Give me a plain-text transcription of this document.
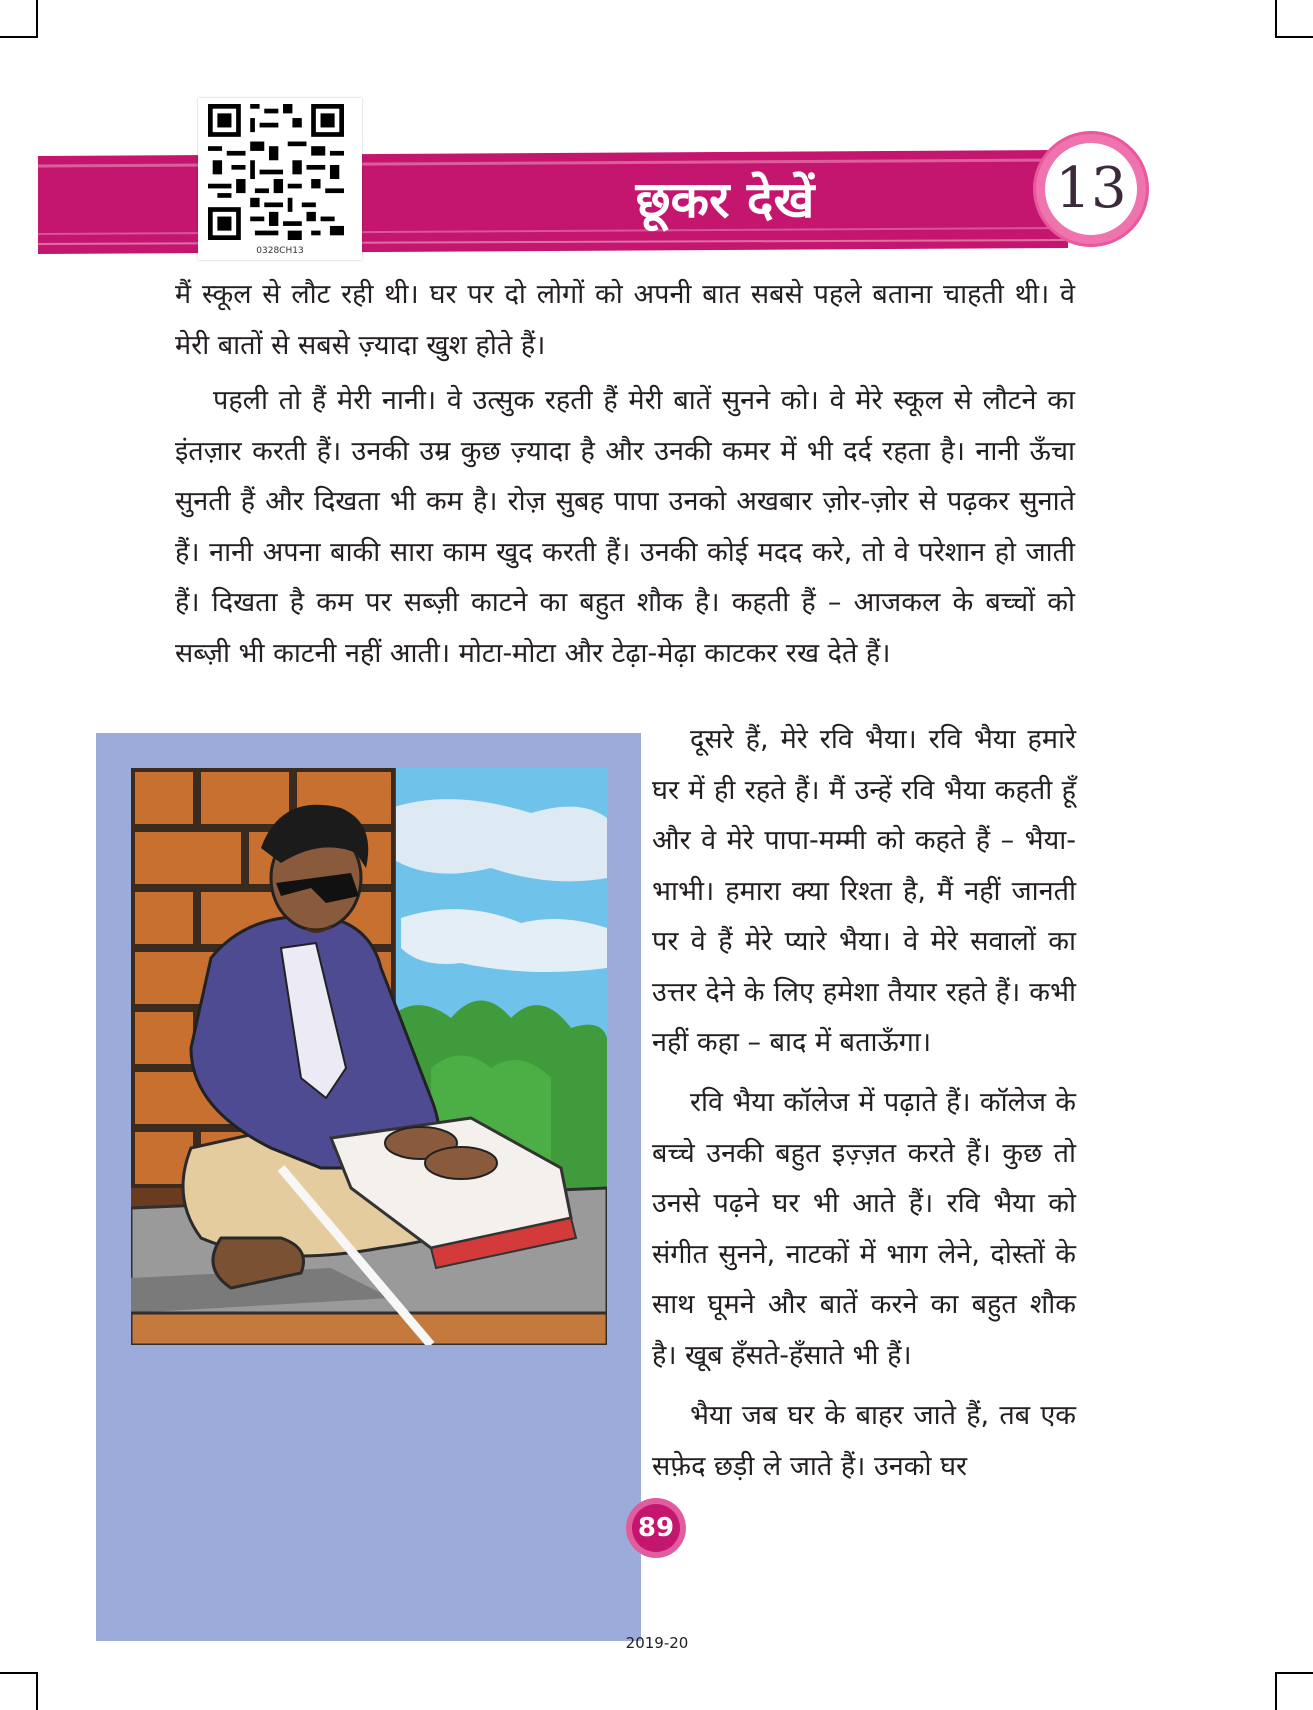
छूकर देखें
0328CH13
13

मैं स्कूल से लौट रही थी। घर पर दो लोगों को अपनी बात सबसे पहले बताना चाहती थी। वे मेरी बातों से सबसे ज़्यादा खुश होते हैं।

पहली तो हैं मेरी नानी। वे उत्सुक रहती हैं मेरी बातें सुनने को। वे मेरे स्कूल से लौटने का इंतज़ार करती हैं। उनकी उम्र कुछ ज़्यादा है और उनकी कमर में भी दर्द रहता है। नानी ऊँचा सुनती हैं और दिखता भी कम है। रोज़ सुबह पापा उनको अखबार ज़ोर-ज़ोर से पढ़कर सुनाते हैं। नानी अपना बाकी सारा काम खुद करती हैं। उनकी कोई मदद करे, तो वे परेशान हो जाती हैं। दिखता है कम पर सब्ज़ी काटने का बहुत शौक है। कहती हैं – आजकल के बच्चों को सब्ज़ी भी काटनी नहीं आती। मोटा-मोटा और टेढ़ा-मेढ़ा काटकर रख देते हैं।

दूसरे हैं, मेरे रवि भैया। रवि भैया हमारे घर में ही रहते हैं। मैं उन्हें रवि भैया कहती हूँ और वे मेरे पापा-मम्मी को कहते हैं – भैया-भाभी। हमारा क्या रिश्ता है, मैं नहीं जानती पर वे हैं मेरे प्यारे भैया। वे मेरे सवालों का उत्तर देने के लिए हमेशा तैयार रहते हैं। कभी नहीं कहा – बाद में बताऊँगा।

रवि भैया कॉलेज में पढ़ाते हैं। कॉलेज के बच्चे उनकी बहुत इज़्ज़त करते हैं। कुछ तो उनसे पढ़ने घर भी आते हैं। रवि भैया को संगीत सुनने, नाटकों में भाग लेने, दोस्तों के साथ घूमने और बातें करने का बहुत शौक है। खूब हँसते-हँसाते भी हैं।

भैया जब घर के बाहर जाते हैं, तब एक सफ़ेद छड़ी ले जाते हैं। उनको घर

89
2019-20
